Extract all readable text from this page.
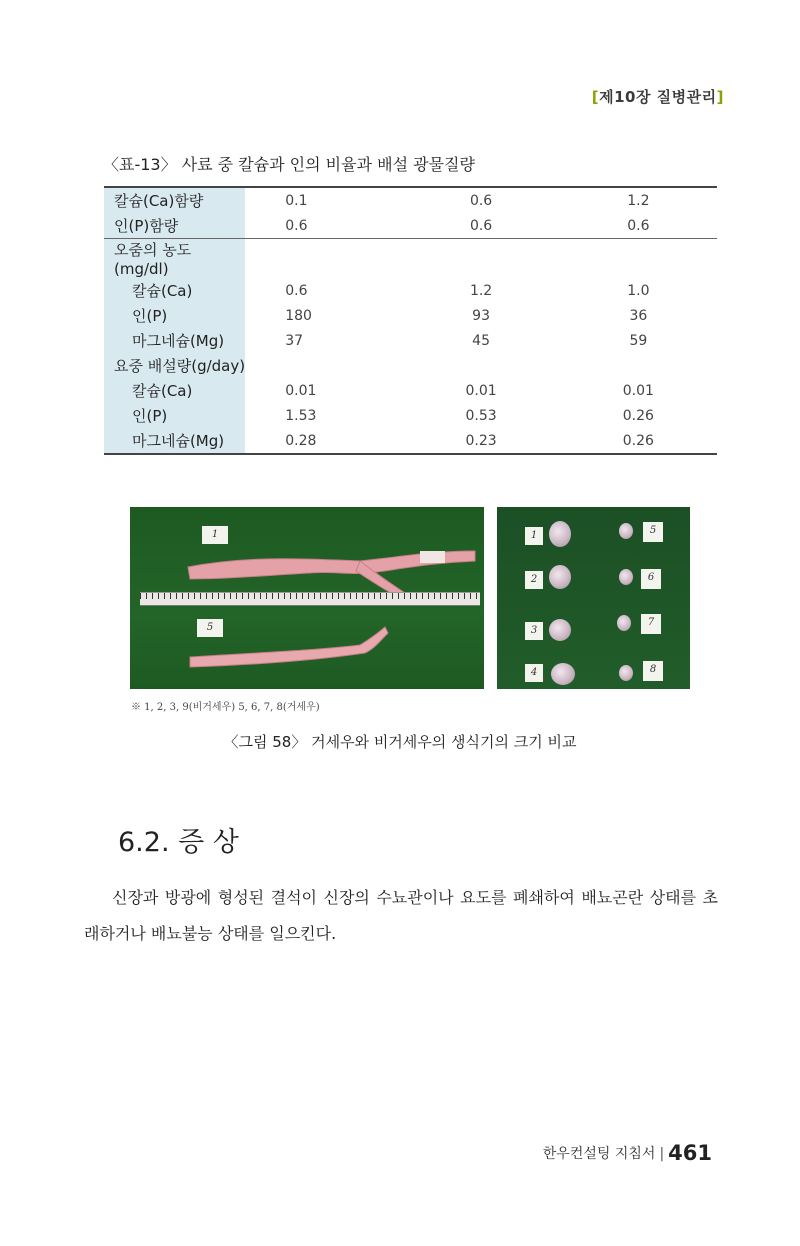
[제10장 질병관리]
〈표-13〉 사료 중 칼슘과 인의 비율과 배설 광물질량
칼슘(Ca)함량	0.1	0.6	1.2
인(P)함량	0.6	0.6	0.6
오줌의 농도(mg/dl)			
칼슘(Ca)	0.6	1.2	1.0
인(P)	180	93	36
마그네슘(Mg)	37	45	59
요중 배설량(g/day)			
칼슘(Ca)	0.01	0.01	0.01
인(P)	1.53	0.53	0.26
마그네슘(Mg)	0.28	0.23	0.26
1
5
1
2
3
4
5
6
7
8
※ 1, 2, 3, 9(비거세우) 5, 6, 7, 8(거세우)
〈그림 58〉 거세우와 비거세우의 생식기의 크기 비교
6.2. 증 상
신장과 방광에 형성된 결석이 신장의 수뇨관이나 요도를 폐쇄하여 배뇨곤란 상태를 초래하거나 배뇨불능 상태를 일으킨다.
한우컨설팅 지침서 | 461
